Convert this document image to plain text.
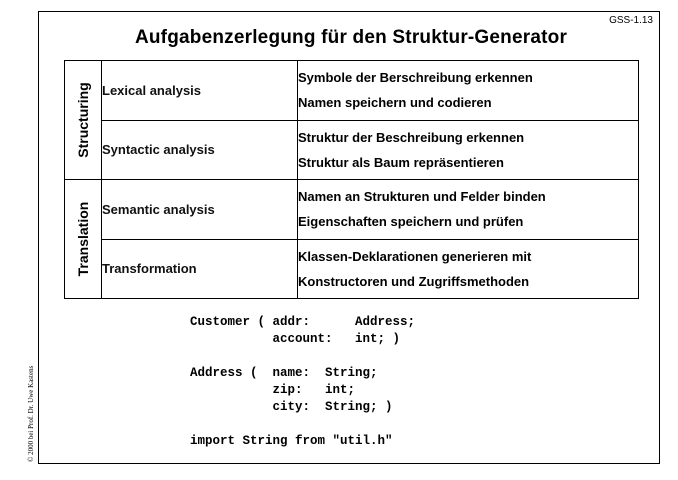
GSS-1.13
Aufgabenzerlegung für den Struktur-Generator
© 2000 bei Prof. Dr. Uwe Kastens
Structuring	Lexical analysis	Symbole der Berschreibung erkennen
Namen speichern und codieren

	Syntactic analysis	Struktur der Beschreibung erkennen
Struktur als Baum repräsentieren

Translation	Semantic analysis	Namen an Strukturen und Felder binden
Eigenschaften speichern und prüfen

	Transformation	Klassen-Deklarationen generieren mit
Konstructoren und Zugriffsmethoden
Customer ( addr:      Address;
account:   int; )

Address (  name:  String;
zip:   int;
city:  String; )

import String from "util.h"
